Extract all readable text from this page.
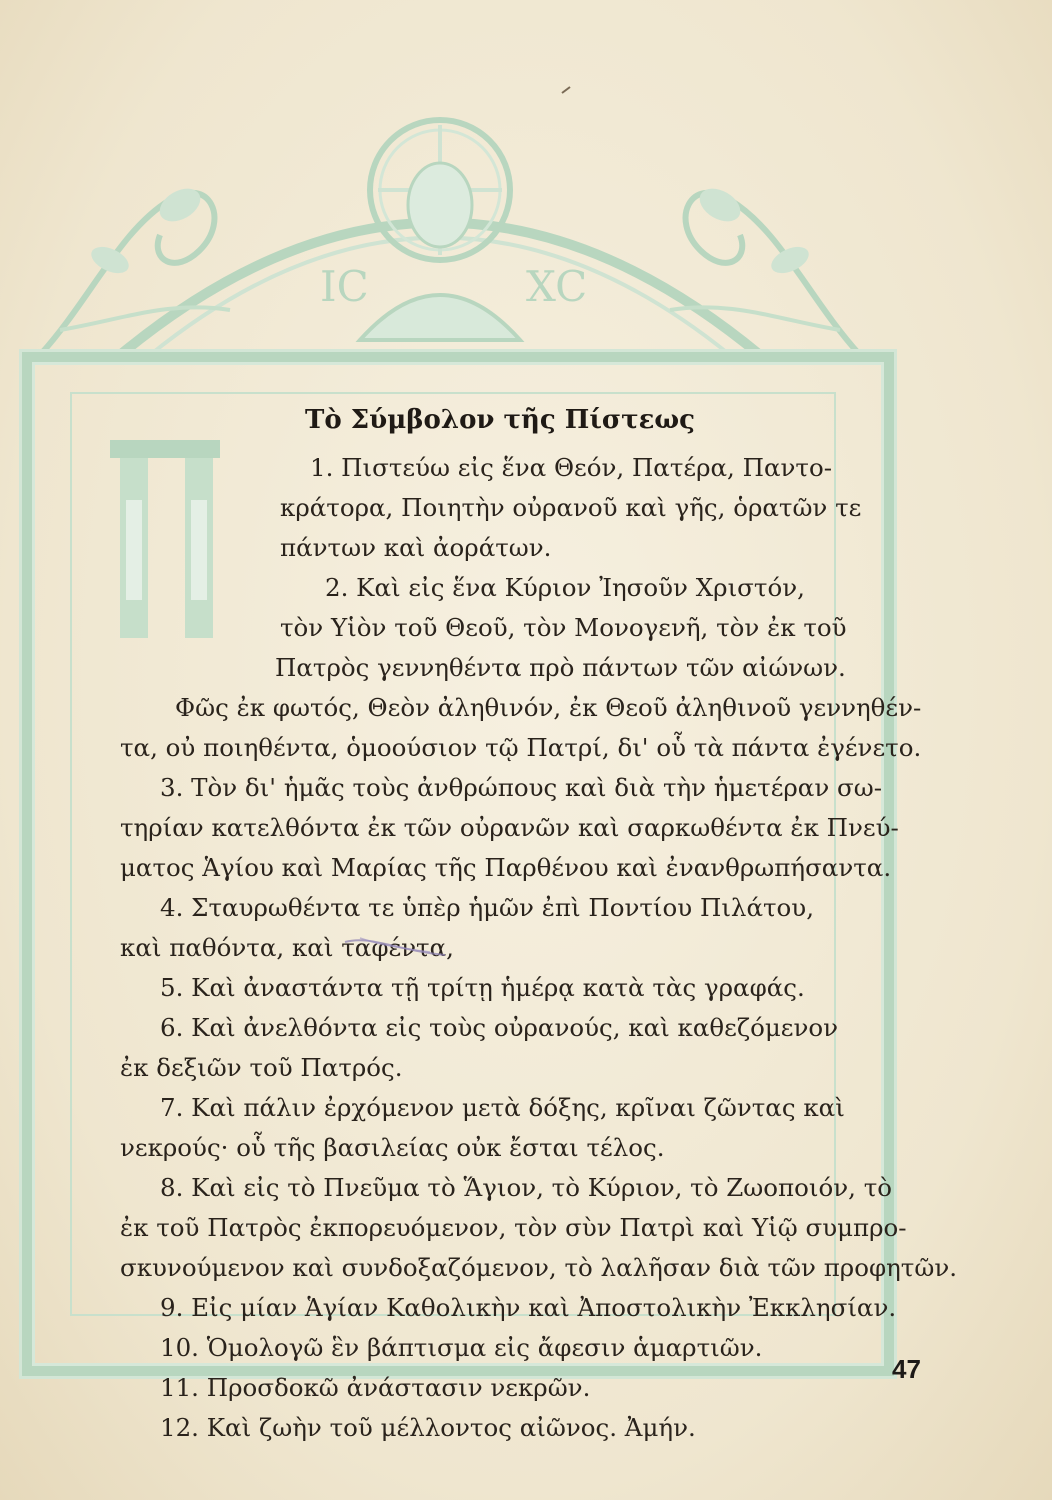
IC	XC
Τὸ Σύμβολον τῆς Πίστεως
1. Πιστεύω εἰς ἕνα Θεόν, Πατέρα, Παντο-
κράτορα, Ποιητὴν οὐρανοῦ καὶ γῆς, ὁρατῶν τε
πάντων καὶ ἀοράτων.
2. Καὶ εἰς ἕνα Κύριον Ἰησοῦν Χριστόν,
τὸν Υἱὸν τοῦ Θεοῦ, τὸν Μονογενῆ, τὸν ἐκ τοῦ
Πατρὸς γεννηθέντα πρὸ πάντων τῶν αἰώνων.
Φῶς ἐκ φωτός, Θεὸν ἀληθινόν, ἐκ Θεοῦ ἀληθινοῦ γεννηθέν-
τα, οὐ ποιηθέντα, ὁμοούσιον τῷ Πατρί, δι' οὗ τὰ πάντα ἐγένετο.
3. Τὸν δι' ἡμᾶς τοὺς ἀνθρώπους καὶ διὰ τὴν ἡμετέραν σω-
τηρίαν κατελθόντα ἐκ τῶν οὐρανῶν καὶ σαρκωθέντα ἐκ Πνεύ-
ματος Ἁγίου καὶ Μαρίας τῆς Παρθένου καὶ ἐνανθρωπήσαντα.
4. Σταυρωθέντα τε ὑπὲρ ἡμῶν ἐπὶ Ποντίου Πιλάτου,
καὶ παθόντα, καὶ ταφέντα,
5. Καὶ ἀναστάντα τῇ τρίτῃ ἡμέρᾳ κατὰ τὰς γραφάς.
6. Καὶ ἀνελθόντα εἰς τοὺς οὐρανούς, καὶ καθεζόμενον
ἐκ δεξιῶν τοῦ Πατρός.
7. Καὶ πάλιν ἐρχόμενον μετὰ δόξης, κρῖναι ζῶντας καὶ
νεκρούς· οὗ τῆς βασιλείας οὐκ ἔσται τέλος.
8. Καὶ εἰς τὸ Πνεῦμα τὸ Ἅγιον, τὸ Κύριον, τὸ Ζωοποιόν, τὸ
ἐκ τοῦ Πατρὸς ἐκπορευόμενον, τὸν σὺν Πατρὶ καὶ Υἱῷ συμπρο-
σκυνούμενον καὶ συνδοξαζόμενον, τὸ λαλῆσαν διὰ τῶν προφητῶν.
9. Εἰς μίαν Ἁγίαν Καθολικὴν καὶ Ἀποστολικὴν Ἐκκλησίαν.
10. Ὁμολογῶ ἓν βάπτισμα εἰς ἄφεσιν ἁμαρτιῶν.
11. Προσδοκῶ ἀνάστασιν νεκρῶν.
12. Καὶ ζωὴν τοῦ μέλλοντος αἰῶνος. Ἀμήν.
47
